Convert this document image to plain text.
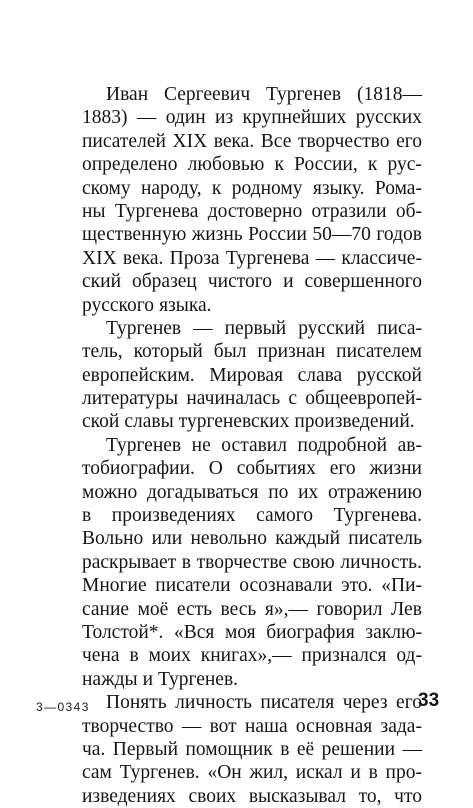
Иван Сергеевич Тургенев (1818—
1883) — один из крупнейших русских
писателей XIX века. Все творчество его
определено любовью к России, к рус-
скому народу, к родному языку. Рома-
ны Тургенева достоверно отразили об-
щественную жизнь России 50—70 годов
XIX века. Проза Тургенева — классиче-
ский образец чистого и совершенного
русского языка.
Тургенев — первый русский писа-
тель, который был признан писателем
европейским. Мировая слава русской
литературы начиналась с общеевропей-
ской славы тургеневских произведений.
Тургенев не оставил подробной ав-
тобиографии. О событиях его жизни
можно догадываться по их отражению
в произведениях самого Тургенева.
Вольно или невольно каждый писатель
раскрывает в творчестве свою личность.
Многие писатели осознавали это. «Пи-
сание моё есть весь я»,— говорил Лев
Толстой*. «Вся моя биография заклю-
чена в моих книгах»,— признался од-
нажды и Тургенев.
Понять личность писателя через его
творчество — вот наша основная зада-
ча. Первый помощник в её решении —
сам Тургенев. «Он жил, искал и в про-
изведениях своих высказывал то, что
3—0343	33
